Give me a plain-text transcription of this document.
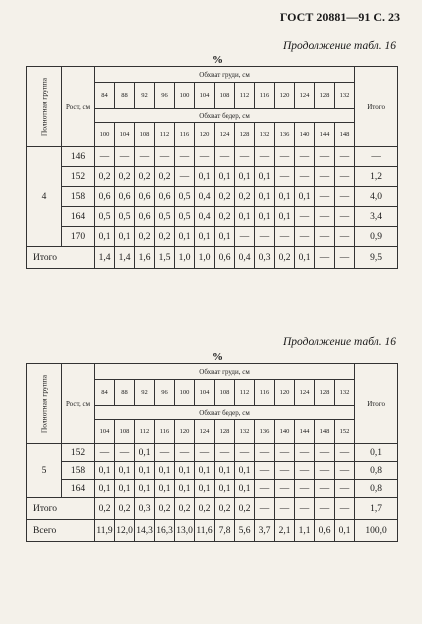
ГОСТ 20881—91 С. 23
Продолжение табл. 16
%
Полнотная группа	Рост, см	Обхват груди, см													Итого
		84	88	92	96	100	104	108	112	116	120	124	128	132	
		Обхват бедер, см													
		100	104	108	112	116	120	124	128	132	136	140	144	148	
4	146	—	—	—	—	—	—	—	—	—	—	—	—	—	—
	152	0,2	0,2	0,2	0,2	—	0,1	0,1	0,1	0,1	—	—	—	—	1,2
	158	0,6	0,6	0,6	0,6	0,5	0,4	0,2	0,2	0,1	0,1	0,1	—	—	4,0
	164	0,5	0,5	0,6	0,5	0,5	0,4	0,2	0,1	0,1	0,1	—	—	—	3,4
	170	0,1	0,1	0,2	0,2	0,1	0,1	0,1	—	—	—	—	—	—	0,9
Итого		1,4	1,4	1,6	1,5	1,0	1,0	0,6	0,4	0,3	0,2	0,1	—	—	9,5
Продолжение табл. 16
%
Полнотная группа	Рост, см	Обхват груди, см													Итого
		84	88	92	96	100	104	108	112	116	120	124	128	132	
		Обхват бедер, см													
		104	108	112	116	120	124	128	132	136	140	144	148	152	
5	152	—	—	0,1	—	—	—	—	—	—	—	—	—	—	0,1
	158	0,1	0,1	0,1	0,1	0,1	0,1	0,1	0,1	—	—	—	—	—	0,8
	164	0,1	0,1	0,1	0,1	0,1	0,1	0,1	0,1	—	—	—	—	—	0,8
Итого		0,2	0,2	0,3	0,2	0,2	0,2	0,2	0,2	—	—	—	—	—	1,7
Всего		11,9	12,0	14,3	16,3	13,0	11,6	7,8	5,6	3,7	2,1	1,1	0,6	0,1	100,0
